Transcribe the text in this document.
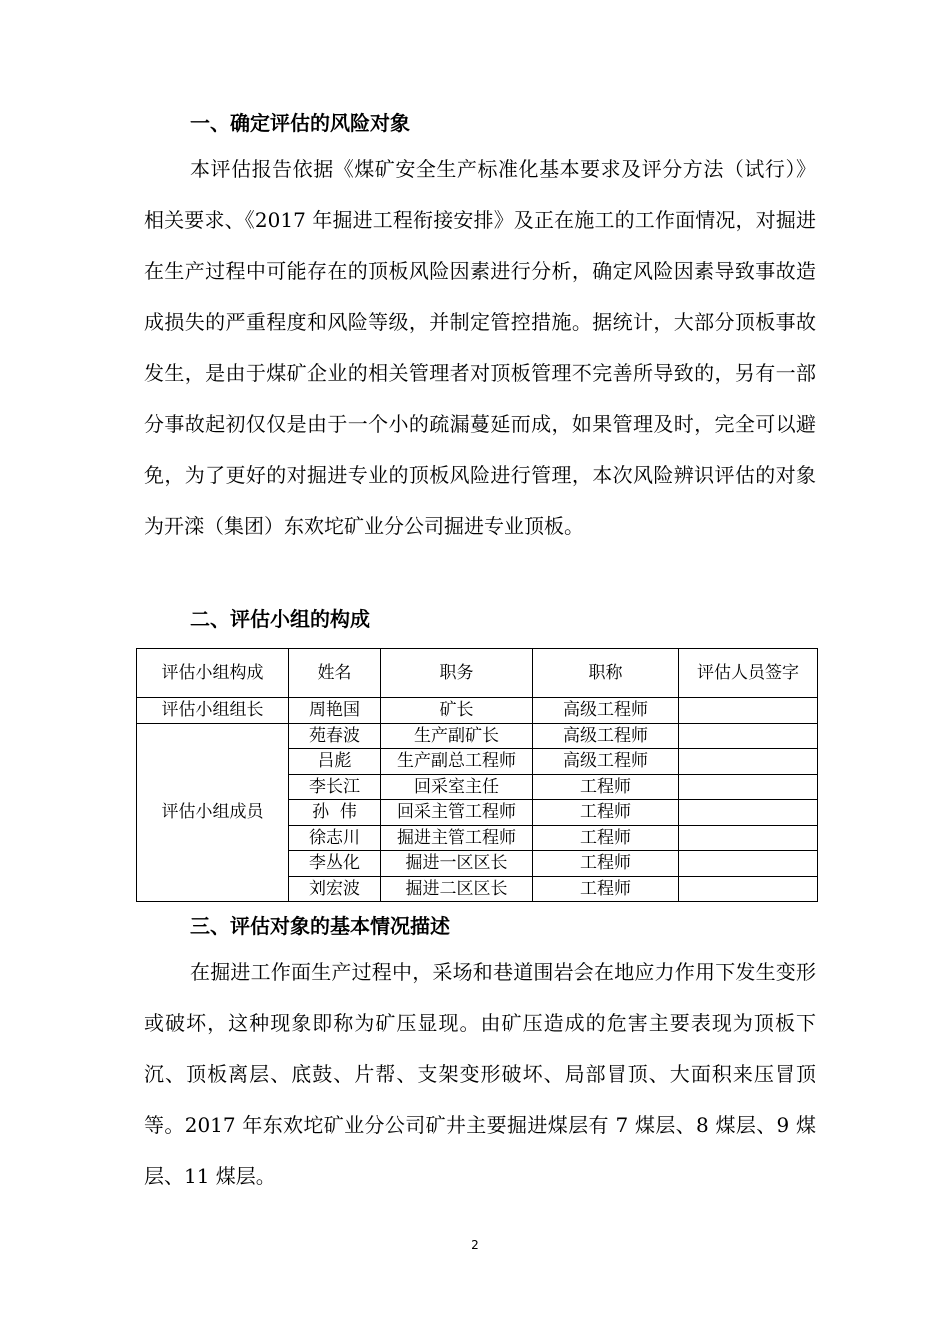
一、确定评估的风险对象

本评估报告依据《煤矿安全生产标准化基本要求及评分方法（试行）》相关要求、《2017 年掘进工程衔接安排》及正在施工的工作面情况，对掘进在生产过程中可能存在的顶板风险因素进行分析，确定风险因素导致事故造成损失的严重程度和风险等级，并制定管控措施。据统计，大部分顶板事故发生，是由于煤矿企业的相关管理者对顶板管理不完善所导致的，另有一部分事故起初仅仅是由于一个小的疏漏蔓延而成，如果管理及时，完全可以避免，为了更好的对掘进专业的顶板风险进行管理，本次风险辨识评估的对象为开滦（集团）东欢坨矿业分公司掘进专业顶板。

二、评估小组的构成
评估小组构成	姓名	职务	职称	评估人员签字
评估小组组长	周艳国	矿长	高级工程师	
评估小组成员	苑春波	生产副矿长	高级工程师	
	吕彪	生产副总工程师	高级工程师	
	李长江	回采室主任	工程师	
	孙  伟	回采主管工程师	工程师	
	徐志川	掘进主管工程师	工程师	
	李丛化	掘进一区区长	工程师	
	刘宏波	掘进二区区长	工程师	
三、评估对象的基本情况描述

在掘进工作面生产过程中，采场和巷道围岩会在地应力作用下发生变形或破坏，这种现象即称为矿压显现。由矿压造成的危害主要表现为顶板下沉、顶板离层、底鼓、片帮、支架变形破坏、局部冒顶、大面积来压冒顶等。2017 年东欢坨矿业分公司矿井主要掘进煤层有 7 煤层、8 煤层、9 煤层、11 煤层。

2
